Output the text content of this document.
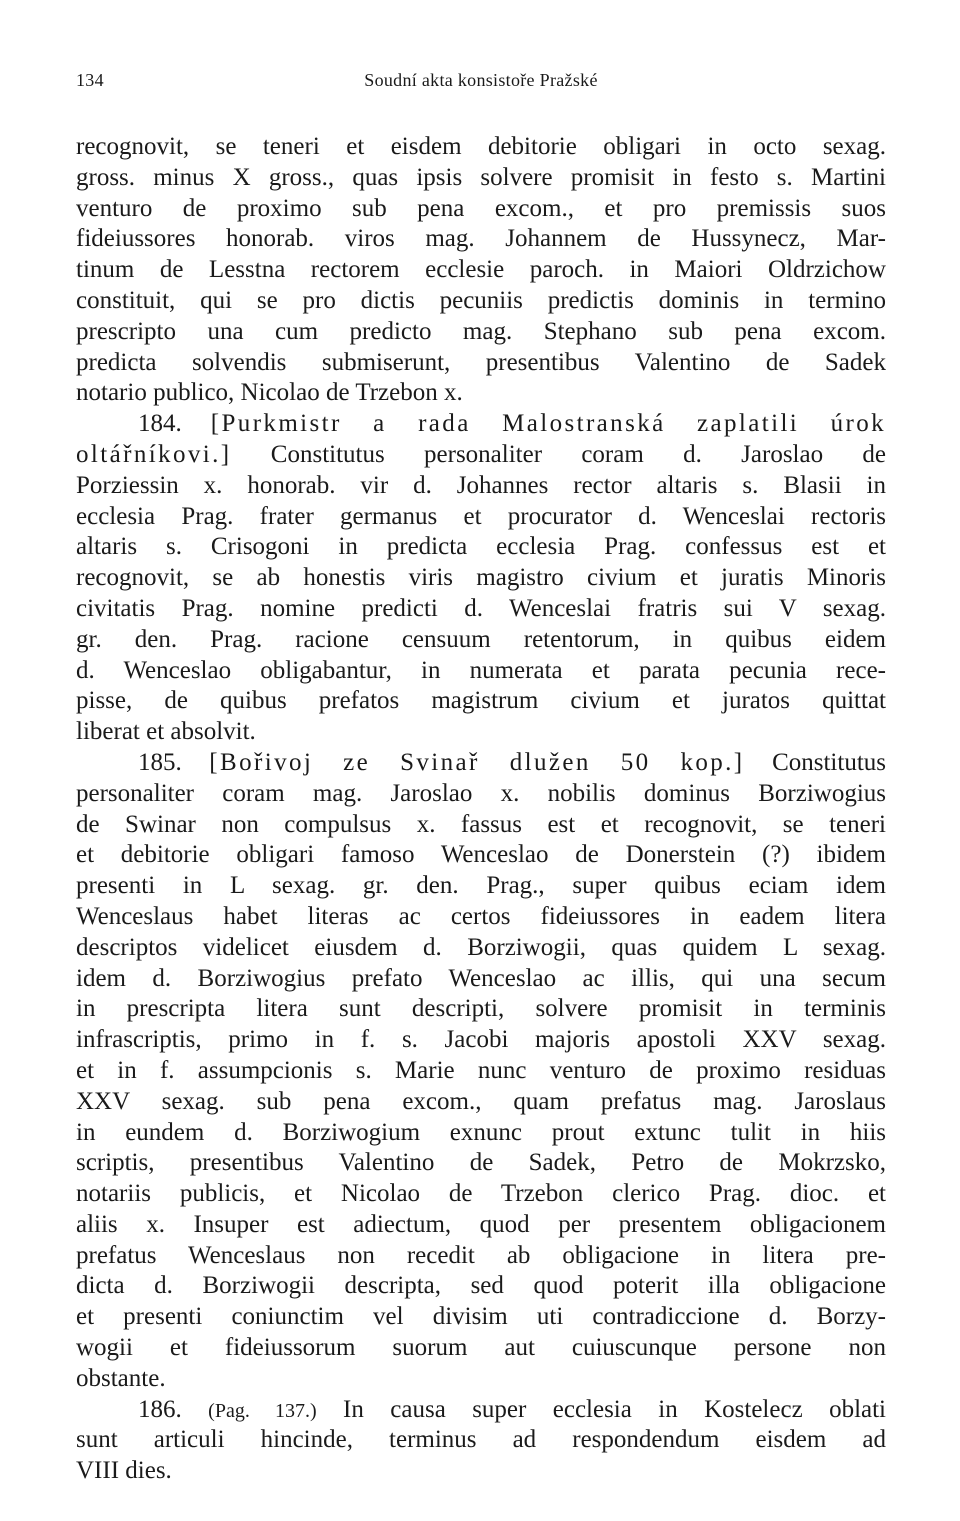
134	Soudní akta konsistoře Pražské
recognovit, se teneri et eisdem debitorie obligari in octo sexag.
gross. minus X gross., quas ipsis solvere promisit in festo s. Martini
venturo de proximo sub pena excom., et pro premissis suos
fideiussores honorab. viros mag. Johannem de Hussynecz, Mar-
tinum de Lesstna rectorem ecclesie paroch. in Maiori Oldrzichow
constituit, qui se pro dictis pecuniis predictis dominis in termino
prescripto una cum predicto mag. Stephano sub pena excom.
predicta solvendis submiserunt, presentibus Valentino de Sadek
notario publico, Nicolao de Trzebon x.
184. [Purkmistr a rada Malostranská zaplatili úrok
oltářníkovi.] Constitutus personaliter coram d. Jaroslao de
Porziessin x. honorab. vir d. Johannes rector altaris s. Blasii in
ecclesia Prag. frater germanus et procurator d. Wenceslai rectoris
altaris s. Crisogoni in predicta ecclesia Prag. confessus est et
recognovit, se ab honestis viris magistro civium et juratis Minoris
civitatis Prag. nomine predicti d. Wenceslai fratris sui V sexag.
gr. den. Prag. racione censuum retentorum, in quibus eidem
d. Wenceslao obligabantur, in numerata et parata pecunia rece-
pisse, de quibus prefatos magistrum civium et juratos quittat
liberat et absolvit.
185. [Bořivoj ze Svinař dlužen 50 kop.] Constitutus
personaliter coram mag. Jaroslao x. nobilis dominus Borziwogius
de Swinar non compulsus x. fassus est et recognovit, se teneri
et debitorie obligari famoso Wenceslao de Donerstein (?) ibidem
presenti in L sexag. gr. den. Prag., super quibus eciam idem
Wenceslaus habet literas ac certos fideiussores in eadem litera
descriptos videlicet eiusdem d. Borziwogii, quas quidem L sexag.
idem d. Borziwogius prefato Wenceslao ac illis, qui una secum
in prescripta litera sunt descripti, solvere promisit in terminis
infrascriptis, primo in f. s. Jacobi majoris apostoli XXV sexag.
et in f. assumpcionis s. Marie nunc venturo de proximo residuas
XXV sexag. sub pena excom., quam prefatus mag. Jaroslaus
in eundem d. Borziwogium exnunc prout extunc tulit in hiis
scriptis, presentibus Valentino de Sadek, Petro de Mokrzsko,
notariis publicis, et Nicolao de Trzebon clerico Prag. dioc. et
aliis x. Insuper est adiectum, quod per presentem obligacionem
prefatus Wenceslaus non recedit ab obligacione in litera pre-
dicta d. Borziwogii descripta, sed quod poterit illa obligacione
et presenti coniunctim vel divisim uti contradiccione d. Borzy-
wogii et fideiussorum suorum aut cuiuscunque persone non
obstante.
186. (Pag. 137.) In causa super ecclesia in Kostelecz oblati
sunt articuli hincinde, terminus ad respondendum eisdem ad
VIII dies.
